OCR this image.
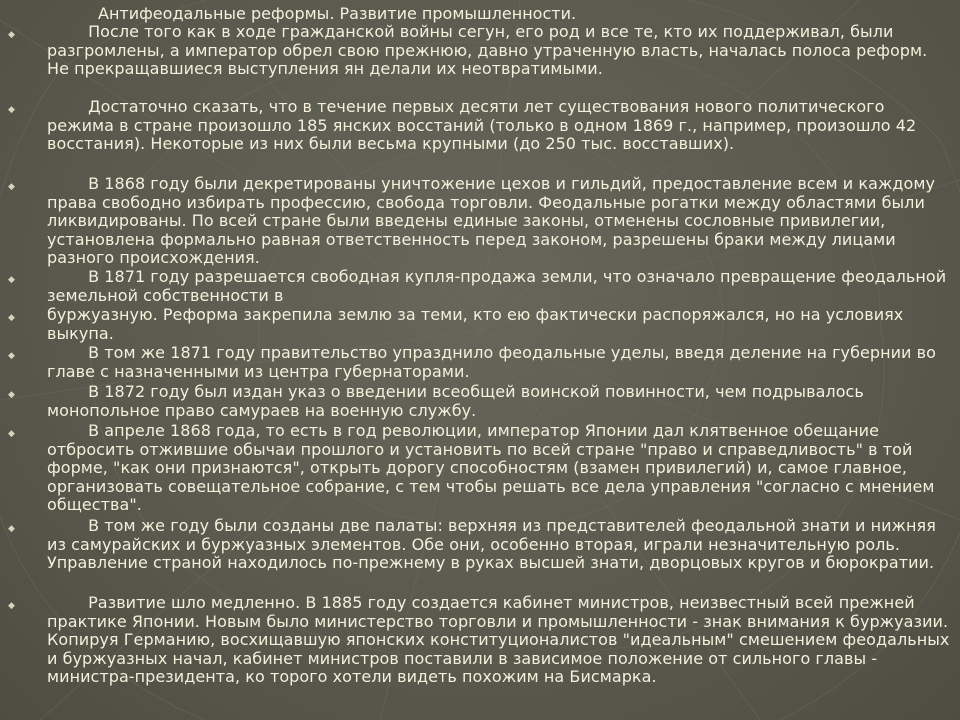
Антифеодальные реформы. Развитие промышленности.
◆ После того как в ходе гражданской войны сегун, его род и все те, кто их поддерживал, были разгромлены, а император обрел свою прежнюю, давно утраченную власть, началась полоса реформ. Не прекращавшиеся выступления ян делали их неотвратимыми.

◆ Достаточно сказать, что в течение первых десяти лет существования нового политического режима в стране произошло 185 янских восстаний (только в одном 1869 г., например, произошло 42 восстания). Некоторые из них были весьма крупными (до 250 тыс. восставших).

◆ В 1868 году были декретированы уничтожение цехов и гильдий, предоставление всем и каждому права свободно избирать профессию, свобода торговли. Феодальные рогатки между областями были ликвидированы. По всей стране были введены единые законы, отменены сословные привилегии, установлена формально равная ответственность перед законом, разрешены браки между лицами разного происхождения.

◆ В 1871 году разрешается свободная купля-продажа земли, что означало превращение феодальной земельной собственности в

◆ буржуазную. Реформа закрепила землю за теми, кто ею фактически распоряжался, но на условиях выкупа.

◆ В том же 1871 году правительство упразднило феодальные уделы, введя деление на губернии во главе с назначенными из центра губернаторами.

◆ В 1872 году был издан указ о введении всеобщей воинской повинности, чем подрывалось монопольное право самураев на военную службу.

◆ В апреле 1868 года, то есть в год революции, император Японии дал клятвенное обещание отбросить отжившие обычаи прошлого и установить по всей стране "право и справедливость" в той форме, "как они признаются", открыть дорогу способностям (взамен привилегий) и, самое главное, организовать совещательное собрание, с тем чтобы решать все дела управления "согласно с мнением общества".

◆ В том же году были созданы две палаты: верхняя из представителей феодальной знати и нижняя из самурайских и буржуазных элементов. Обе они, особенно вторая, играли незначительную роль. Управление страной находилось по-прежнему в руках высшей знати, дворцовых кругов и бюрократии.

◆ Развитие шло медленно. В 1885 году создается кабинет министров, неизвестный всей прежней практике Японии. Новым было министерство торговли и промышленности - знак внимания к буржуазии. Копируя Германию, восхищавшую японских конституционалистов "идеальным" смешением феодальных и буржуазных начал, кабинет министров поставили в зависимое положение от сильного главы - министра-президента, ко торого хотели видеть похожим на Бисмарка.
